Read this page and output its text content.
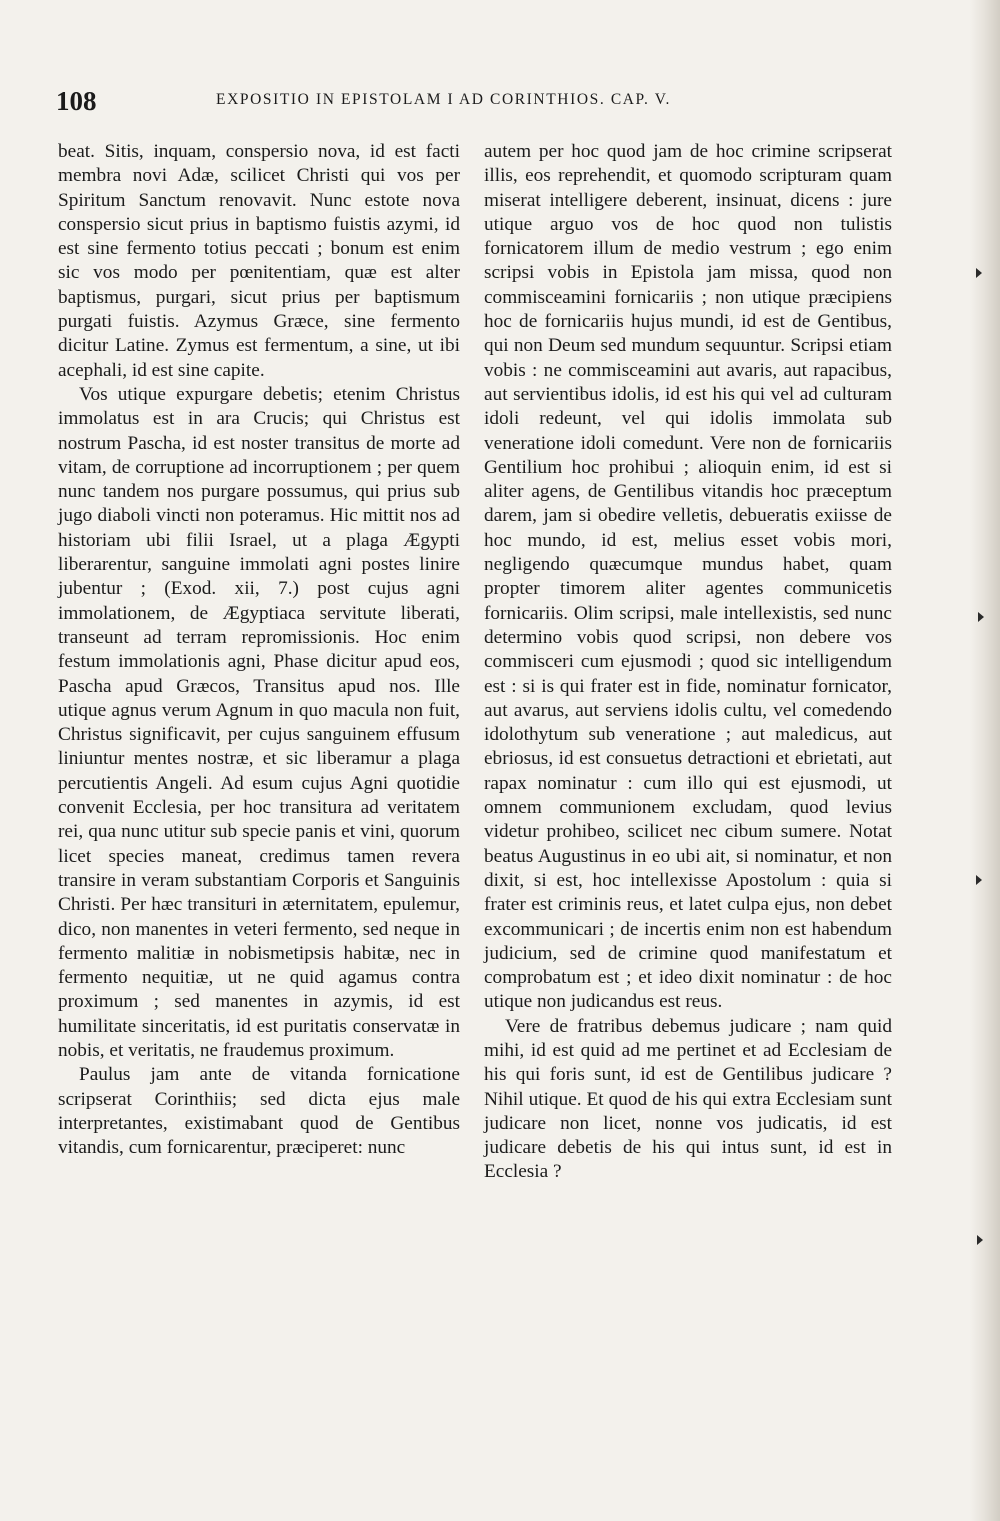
108	EXPOSITIO IN EPISTOLAM I AD CORINTHIOS. CAP. V.

beat. Sitis, inquam, conspersio nova, id est facti membra novi Adæ, scilicet Christi qui vos per Spiritum Sanctum renovavit. Nunc estote nova conspersio sicut prius in baptismo fuistis azymi, id est sine fermento totius peccati ; bonum est enim sic vos modo per pœnitentiam, quæ est alter baptismus, purgari, sicut prius per baptismum purgati fuistis. Azymus Græce, sine fermento dicitur Latine. Zymus est fermentum, a sine, ut ibi acephali, id est sine capite.

Vos utique expurgare debetis; etenim Christus immolatus est in ara Crucis; qui Christus est nostrum Pascha, id est noster transitus de morte ad vitam, de corruptione ad incorruptionem ; per quem nunc tandem nos purgare possumus, qui prius sub jugo diaboli vincti non poteramus. Hic mittit nos ad historiam ubi filii Israel, ut a plaga Ægypti liberarentur, sanguine immolati agni postes linire jubentur ; (Exod. xii, 7.) post cujus agni immolationem, de Ægyptiaca servitute liberati, transeunt ad terram repromissionis. Hoc enim festum immolationis agni, Phase dicitur apud eos, Pascha apud Græcos, Transitus apud nos. Ille utique agnus verum Agnum in quo macula non fuit, Christus significavit, per cujus sanguinem effusum liniuntur mentes nostræ, et sic liberamur a plaga percutientis Angeli. Ad esum cujus Agni quotidie convenit Ecclesia, per hoc transitura ad veritatem rei, qua nunc utitur sub specie panis et vini, quorum licet species maneat, credimus tamen revera transire in veram substantiam Corporis et Sanguinis Christi. Per hæc transituri in æternitatem, epulemur, dico, non manentes in veteri fermento, sed neque in fermento malitiæ in nobismetipsis habitæ, nec in fermento nequitiæ, ut ne quid agamus contra proximum ; sed manentes in azymis, id est humilitate sinceritatis, id est puritatis conservatæ in nobis, et veritatis, ne fraudemus proximum.

Paulus jam ante de vitanda fornicatione scripserat Corinthiis; sed dicta ejus male interpretantes, existimabant quod de Gentibus vitandis, cum fornicarentur, præciperet: nunc

autem per hoc quod jam de hoc crimine scripserat illis, eos reprehendit, et quomodo scripturam quam miserat intelligere deberent, insinuat, dicens : jure utique arguo vos de hoc quod non tulistis fornicatorem illum de medio vestrum ; ego enim scripsi vobis in Epistola jam missa, quod non commisceamini fornicariis ; non utique præcipiens hoc de fornicariis hujus mundi, id est de Gentibus, qui non Deum sed mundum sequuntur. Scripsi etiam vobis : ne commisceamini aut avaris, aut rapacibus, aut servientibus idolis, id est his qui vel ad culturam idoli redeunt, vel qui idolis immolata sub veneratione idoli comedunt. Vere non de fornicariis Gentilium hoc prohibui ; alioquin enim, id est si aliter agens, de Gentilibus vitandis hoc præceptum darem, jam si obedire velletis, debueratis exiisse de hoc mundo, id est, melius esset vobis mori, negligendo quæcumque mundus habet, quam propter timorem aliter agentes communicetis fornicariis. Olim scripsi, male intellexistis, sed nunc determino vobis quod scripsi, non debere vos commisceri cum ejusmodi ; quod sic intelligendum est : si is qui frater est in fide, nominatur fornicator, aut avarus, aut serviens idolis cultu, vel comedendo idolothytum sub veneratione ; aut maledicus, aut ebriosus, id est consuetus detractioni et ebrietati, aut rapax nominatur : cum illo qui est ejusmodi, ut omnem communionem excludam, quod levius videtur prohibeo, scilicet nec cibum sumere. Notat beatus Augustinus in eo ubi ait, si nominatur, et non dixit, si est, hoc intellexisse Apostolum : quia si frater est criminis reus, et latet culpa ejus, non debet excommunicari ; de incertis enim non est habendum judicium, sed de crimine quod manifestatum et comprobatum est ; et ideo dixit nominatur : de hoc utique non judicandus est reus.

Vere de fratribus debemus judicare ; nam quid mihi, id est quid ad me pertinet et ad Ecclesiam de his qui foris sunt, id est de Gentilibus judicare ? Nihil utique. Et quod de his qui extra Ecclesiam sunt judicare non licet, nonne vos judicatis, id est judicare debetis de his qui intus sunt, id est in Ecclesia ?
